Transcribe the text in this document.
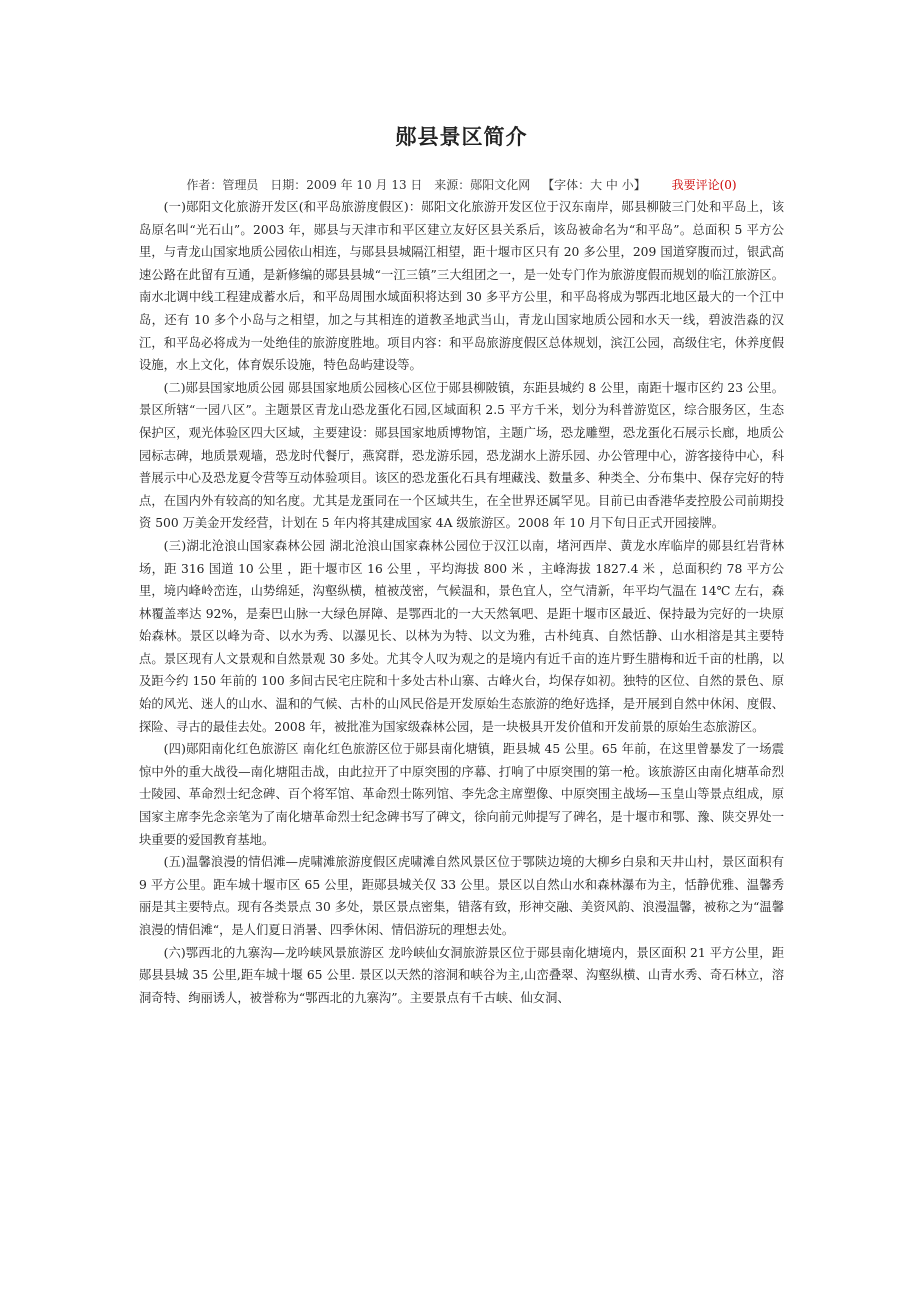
郧县景区简介
作者：管理员 日期：2009 年 10 月 13 日 来源：郧阳文化网 【字体：大 中 小】 我要评论(0)

(一)郧阳文化旅游开发区(和平岛旅游度假区)：郧阳文化旅游开发区位于汉东南岸，郧县柳陂三门处和平岛上，该岛原名叫“光石山”。2003 年，郧县与天津市和平区建立友好区县关系后，该岛被命名为“和平岛”。总面积 5 平方公里，与青龙山国家地质公园依山相连，与郧县县城隔江相望，距十堰市区只有 20 多公里，209 国道穿腹而过，银武高速公路在此留有互通，是新修编的郧县县城“一江三镇”三大组团之一，是一处专门作为旅游度假而规划的临江旅游区。南水北调中线工程建成蓄水后，和平岛周围水域面积将达到 30 多平方公里，和平岛将成为鄂西北地区最大的一个江中岛，还有 10 多个小岛与之相望，加之与其相连的道教圣地武当山，青龙山国家地质公园和水天一线，碧波浩淼的汉江，和平岛必将成为一处绝佳的旅游度胜地。项目内容：和平岛旅游度假区总体规划，滨江公园，高级住宅，休养度假设施，水上文化，体育娱乐设施，特色岛屿建设等。

(二)郧县国家地质公园 郧县国家地质公园核心区位于郧县柳陂镇，东距县城约 8 公里，南距十堰市区约 23 公里。景区所辖“一园八区”。主题景区青龙山恐龙蛋化石园,区域面积 2.5 平方千米，划分为科普游览区，综合服务区，生态保护区，观光体验区四大区域，主要建设：郧县国家地质博物馆，主题广场，恐龙雕塑，恐龙蛋化石展示长廊，地质公园标志碑，地质景观墙，恐龙时代餐厅，燕窝群，恐龙游乐园，恐龙湖水上游乐园、办公管理中心，游客接待中心，科普展示中心及恐龙夏令营等互动体验项目。该区的恐龙蛋化石具有埋藏浅、数量多、种类全、分布集中、保存完好的特点，在国内外有较高的知名度。尤其是龙蛋同在一个区域共生，在全世界还属罕见。目前已由香港华麦控股公司前期投资 500 万美金开发经营，计划在 5 年内将其建成国家 4A 级旅游区。2008 年 10 月下旬日正式开园接牌。

(三)湖北沧浪山国家森林公园 湖北沧浪山国家森林公园位于汉江以南，堵河西岸、黄龙水库临岸的郧县红岩背林场，距 316 国道 10 公里 ，距十堰市区 16 公里 ，平均海拔 800 米 ，主峰海拔 1827.4 米 ，总面积约 78 平方公里，境内峰岭峦连，山势绵延，沟壑纵横，植被茂密，气候温和，景色宜人，空气清新，年平均气温在 14℃ 左右，森林覆盖率达 92%，是秦巴山脉一大绿色屏障、是鄂西北的一大天然氧吧、是距十堰市区最近、保持最为完好的一块原始森林。景区以峰为奇、以水为秀、以瀑见长、以林为为特、以文为雅，古朴纯真、自然恬静、山水相溶是其主要特点。景区现有人文景观和自然景观 30 多处。尤其令人叹为观之的是境内有近千亩的连片野生腊梅和近千亩的杜鹃，以及距今约 150 年前的 100 多间古民宅庄院和十多处古朴山寨、古峰火台，均保存如初。独特的区位、自然的景色、原始的风光、迷人的山水、温和的气候、古朴的山风民俗是开发原始生态旅游的绝好选择，是开展到自然中休闲、度假、探险、寻古的最佳去处。2008 年，被批准为国家级森林公园，是一块极具开发价值和开发前景的原始生态旅游区。

(四)郧阳南化红色旅游区 南化红色旅游区位于郧县南化塘镇，距县城 45 公里。65 年前，在这里曾暴发了一场震惊中外的重大战役—南化塘阻击战，由此拉开了中原突围的序幕、打响了中原突围的第一枪。该旅游区由南化塘革命烈士陵园、革命烈士纪念碑、百个将军馆、革命烈士陈列馆、李先念主席塑像、中原突围主战场—玉皇山等景点组成，原国家主席李先念亲笔为了南化塘革命烈士纪念碑书写了碑文，徐向前元帅提写了碑名，是十堰市和鄂、豫、陕交界处一块重要的爱国教育基地。

(五)温馨浪漫的情侣滩—虎啸滩旅游度假区虎啸滩自然风景区位于鄂陕边境的大柳乡白泉和天井山村，景区面积有 9 平方公里。距车城十堰市区 65 公里，距郧县城关仅 33 公里。景区以自然山水和森林瀑布为主，恬静优雅、温馨秀丽是其主要特点。现有各类景点 30 多处，景区景点密集，错落有致，形神交融、美资风韵、浪漫温馨，被称之为“温馨浪漫的情侣滩“，是人们夏日消暑、四季休闲、情侣游玩的理想去处。

(六)鄂西北的九寨沟—龙吟峡风景旅游区 龙吟峡仙女洞旅游景区位于郧县南化塘境内，景区面积 21 平方公里，距郧县县城 35 公里,距车城十堰 65 公里. 景区以天然的溶洞和峡谷为主,山峦叠翠、沟壑纵横、山青水秀、奇石林立，溶洞奇特、绚丽诱人，被誉称为“鄂西北的九寨沟”。主要景点有千古峡、仙女洞、
